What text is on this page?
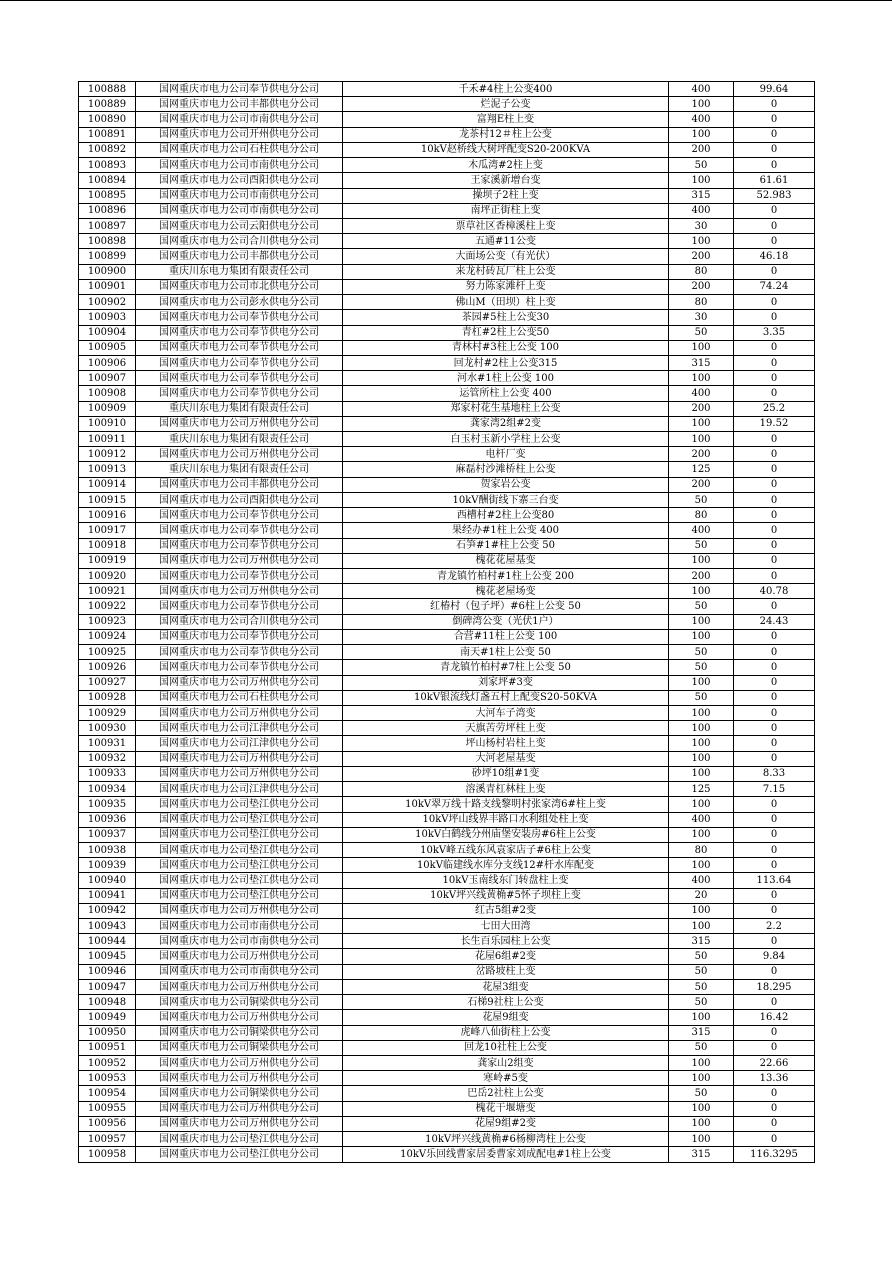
100888	国网重庆市电力公司奉节供电分公司	千禾#4柱上公变400	400	99.64
100889	国网重庆市电力公司丰都供电分公司	烂泥子公变	100	0
100890	国网重庆市电力公司市南供电分公司	富翔E柱上变	400	0
100891	国网重庆市电力公司开州供电分公司	龙茶村12＃柱上公变	100	0
100892	国网重庆市电力公司石柱供电分公司	10kV赵桥线大树坪配变S20-200KVA	200	0
100893	国网重庆市电力公司市南供电分公司	木瓜湾#2柱上变	50	0
100894	国网重庆市电力公司酉阳供电分公司	王家溪新增台变	100	61.61
100895	国网重庆市电力公司市南供电分公司	操坝子2柱上变	315	52.983
100896	国网重庆市电力公司市南供电分公司	南坪正街柱上变	400	0
100897	国网重庆市电力公司云阳供电分公司	票草社区香樟溪柱上变	30	0
100898	国网重庆市电力公司合川供电分公司	五通#11公变	100	0
100899	国网重庆市电力公司丰都供电分公司	大面场公变（有光伏）	200	46.18
100900	重庆川东电力集团有限责任公司	来龙村砖瓦厂柱上公变	80	0
100901	国网重庆市电力公司市北供电分公司	努力陈家滩杆上变	200	74.24
100902	国网重庆市电力公司彭水供电分公司	佛山M（田坝）柱上变	80	0
100903	国网重庆市电力公司奉节供电分公司	茶园#5柱上公变30	30	0
100904	国网重庆市电力公司奉节供电分公司	青杠#2柱上公变50	50	3.35
100905	国网重庆市电力公司奉节供电分公司	青林村#3柱上公变 100	100	0
100906	国网重庆市电力公司奉节供电分公司	回龙村#2柱上公变315	315	0
100907	国网重庆市电力公司奉节供电分公司	河水#1柱上公变 100	100	0
100908	国网重庆市电力公司奉节供电分公司	运管所柱上公变 400	400	0
100909	重庆川东电力集团有限责任公司	郑家村花生基地柱上公变	200	25.2
100910	国网重庆市电力公司万州供电分公司	龚家湾2组#2变	100	19.52
100911	重庆川东电力集团有限责任公司	白玉村玉新小学柱上公变	100	0
100912	国网重庆市电力公司万州供电分公司	电杆厂变	200	0
100913	重庆川东电力集团有限责任公司	麻磊村沙滩桥柱上公变	125	0
100914	国网重庆市电力公司丰都供电分公司	贺家岩公变	200	0
100915	国网重庆市电力公司酉阳供电分公司	10kV酬街线下寨三台变	50	0
100916	国网重庆市电力公司奉节供电分公司	西槽村#2柱上公变80	80	0
100917	国网重庆市电力公司奉节供电分公司	果经办#1柱上公变 400	400	0
100918	国网重庆市电力公司奉节供电分公司	石笋#1#柱上公变 50	50	0
100919	国网重庆市电力公司万州供电分公司	槐花花屋基变	100	0
100920	国网重庆市电力公司奉节供电分公司	青龙镇竹柏村#1柱上公变 200	200	0
100921	国网重庆市电力公司万州供电分公司	槐花老屋场变	100	40.78
100922	国网重庆市电力公司奉节供电分公司	红椿村（包子坪）#6柱上公变 50	50	0
100923	国网重庆市电力公司合川供电分公司	倒碑湾公变（光伏1户）	100	24.43
100924	国网重庆市电力公司奉节供电分公司	合营#11柱上公变 100	100	0
100925	国网重庆市电力公司奉节供电分公司	南天#1柱上公变 50	50	0
100926	国网重庆市电力公司奉节供电分公司	青龙镇竹柏村#7柱上公变 50	50	0
100927	国网重庆市电力公司万州供电分公司	刘家坪#3变	100	0
100928	国网重庆市电力公司石柱供电分公司	10kV银流线灯盏五村上配变S20-50KVA	50	0
100929	国网重庆市电力公司万州供电分公司	大河车子湾变	100	0
100930	国网重庆市电力公司江津供电分公司	天旗苦劳坪柱上变	100	0
100931	国网重庆市电力公司江津供电分公司	坪山杨村岩柱上变	100	0
100932	国网重庆市电力公司万州供电分公司	大河老屋基变	100	0
100933	国网重庆市电力公司万州供电分公司	砂坪10组#1变	100	8.33
100934	国网重庆市电力公司江津供电分公司	溶溪青杠林柱上变	125	7.15
100935	国网重庆市电力公司垫江供电分公司	10kV翠万线十路支线黎明村张家湾6#柱上变	100	0
100936	国网重庆市电力公司垫江供电分公司	10kV坪山线界丰路口水利组处柱上变	400	0
100937	国网重庆市电力公司垫江供电分公司	10kV白鹤线分州庙堡安装房#6柱上公变	100	0
100938	国网重庆市电力公司垫江供电分公司	10kV峰五线东风袁家店子#6柱上公变	80	0
100939	国网重庆市电力公司垫江供电分公司	10kV临建线水库分支线12#杆水库配变	100	0
100940	国网重庆市电力公司垫江供电分公司	10kV玉南线东门转盘柱上变	400	113.64
100941	国网重庆市电力公司垫江供电分公司	10kV坪兴线黄桷#5怀子坝柱上变	20	0
100942	国网重庆市电力公司万州供电分公司	红古5组#2变	100	0
100943	国网重庆市电力公司市南供电分公司	七田大田湾	100	2.2
100944	国网重庆市电力公司市南供电分公司	长生百乐园柱上公变	315	0
100945	国网重庆市电力公司万州供电分公司	花屋6组#2变	50	9.84
100946	国网重庆市电力公司市南供电分公司	岔路坡柱上变	50	0
100947	国网重庆市电力公司万州供电分公司	花屋3组变	50	18.295
100948	国网重庆市电力公司铜梁供电分公司	石梯9社柱上公变	50	0
100949	国网重庆市电力公司万州供电分公司	花屋9组变	100	16.42
100950	国网重庆市电力公司铜梁供电分公司	虎峰八仙街柱上公变	315	0
100951	国网重庆市电力公司铜梁供电分公司	回龙10社柱上公变	50	0
100952	国网重庆市电力公司万州供电分公司	龚家山2组变	100	22.66
100953	国网重庆市电力公司万州供电分公司	寒岭#5变	100	13.36
100954	国网重庆市电力公司铜梁供电分公司	巴岳2社柱上公变	50	0
100955	国网重庆市电力公司万州供电分公司	槐花干堰塘变	100	0
100956	国网重庆市电力公司万州供电分公司	花屋9组#2变	100	0
100957	国网重庆市电力公司垫江供电分公司	10kV坪兴线黄桷#6杨柳湾柱上公变	100	0
100958	国网重庆市电力公司垫江供电分公司	10kV乐回线曹家居委曹家刘成配电#1柱上公变	315	116.3295
